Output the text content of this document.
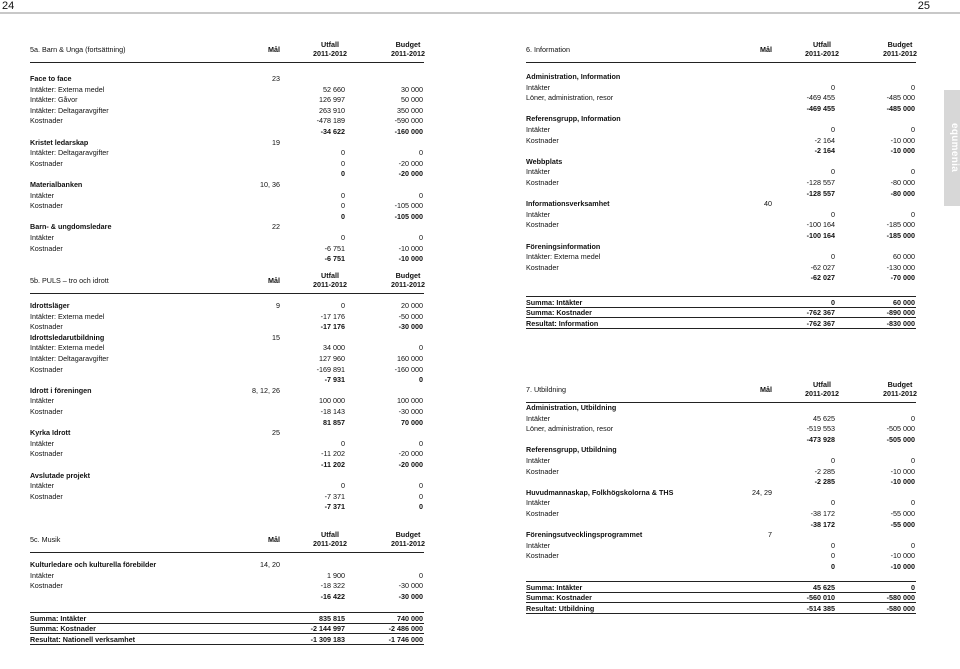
24	25
equmenia
5a. Barn & Unga (fortsättning)	Mål
Utfall
2011-2012
Budget
2011-2012
Face to face	23
Intäkter: Externa medel	52 660	30 000
Intäkter: Gåvor	126 997	50 000
Intäkter: Deltagaravgifter	263 910	350 000
Kostnader	-478 189	-590 000
-34 622	-160 000
Kristet ledarskap	19
Intäkter: Deltagaravgifter	0	0
Kostnader	0	-20 000
0	-20 000
Materialbanken	10, 36
Intäkter	0	0
Kostnader	0	-105 000
0	-105 000
Barn- & ungdomsledare	22
Intäkter	0	0
Kostnader	-6 751	-10 000
-6 751	-10 000
5b. PULS – tro och idrott	Mål
Utfall
2011-2012
Budget
2011-2012
Idrottsläger	9	0	20 000
Intäkter: Externa medel	-17 176	-50 000
Kostnader	-17 176	-30 000
Idrottsledarutbildning	15
Intäkter: Externa medel	34 000	0
Intäkter: Deltagaravgifter	127 960	160 000
Kostnader	-169 891	-160 000
-7 931	0
Idrott i föreningen	8, 12, 26
Intäkter	100 000	100 000
Kostnader	-18 143	-30 000
81 857	70 000
Kyrka Idrott	25
Intäkter	0	0
Kostnader	-11 202	-20 000
-11 202	-20 000
Avslutade projekt
Intäkter	0	0
Kostnader	-7 371	0
-7 371	0
5c. Musik	Mål
Utfall
2011-2012
Budget
2011-2012
Kulturledare och kulturella förebilder	14, 20
Intäkter	1 900	0
Kostnader	-18 322	-30 000
-16 422	-30 000
Summa: Intäkter	835 815	740 000
Summa: Kostnader	-2 144 997	-2 486 000
Resultat: Nationell verksamhet	-1 309 183	-1 746 000
6. Information	Mål
Utfall
2011-2012
Budget
2011-2012
Administration, Information
Intäkter	0	0
Löner, administration, resor	-469 455	-485 000
-469 455	-485 000
Referensgrupp, Information
Intäkter	0	0
Kostnader	-2 164	-10 000
-2 164	-10 000
Webbplats
Intäkter	0	0
Kostnader	-128 557	-80 000
-128 557	-80 000
Informationsverksamhet	40
Intäkter	0	0
Kostnader	-100 164	-185 000
-100 164	-185 000
Föreningsinformation
Intäkter: Externa medel	0	60 000
Kostnader	-62 027	-130 000
-62 027	-70 000
Summa: Intäkter	0	60 000
Summa: Kostnader	-762 367	-890 000
Resultat: Information	-762 367	-830 000
7. Utbildning	Mål
Utfall
2011-2012
Budget
2011-2012
Administration, Utbildning
Intäkter	45 625	0
Löner, administration, resor	-519 553	-505 000
-473 928	-505 000
Referensgrupp, Utbildning
Intäkter	0	0
Kostnader	-2 285	-10 000
-2 285	-10 000
Huvudmannaskap, Folkhögskolorna & THS	24, 29
Intäkter	0	0
Kostnader	-38 172	-55 000
-38 172	-55 000
Föreningsutvecklingsprogrammet	7
Intäkter	0	0
Kostnader	0	-10 000
0	-10 000
Summa: Intäkter	45 625	0
Summa: Kostnader	-560 010	-580 000
Resultat: Utbildning	-514 385	-580 000
